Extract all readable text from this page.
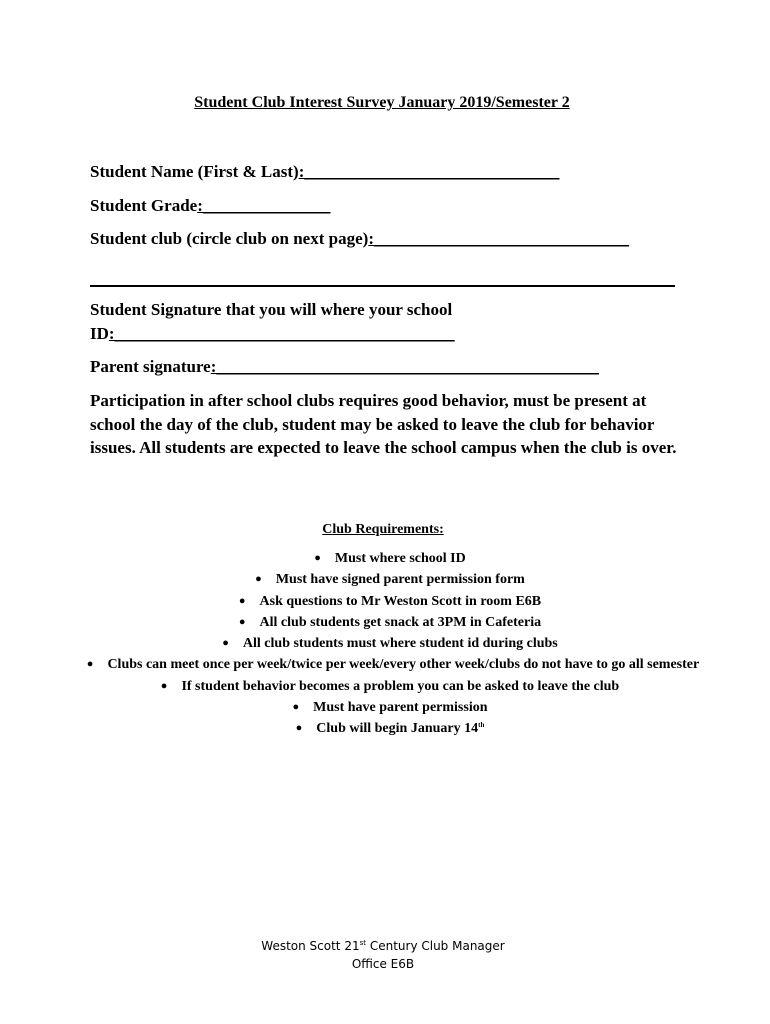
Student Club Interest Survey January 2019/Semester 2
Student Name (First & Last):______________________________
Student Grade:_______________
Student club (circle club on next page):______________________________
Student Signature that you will where your school
ID:________________________________________
Parent signature:_____________________________________________
Participation in after school clubs requires good behavior, must be present at school the day of the club, student may be asked to leave the club for behavior issues. All students are expected to leave the school campus when the club is over.
Club Requirements:
● Must where school ID
● Must have signed parent permission form
● Ask questions to Mr Weston Scott in room E6B
● All club students get snack at 3PM in Cafeteria
● All club students must where student id during clubs
● Clubs can meet once per week/twice per week/every other week/clubs do not have to go all semester
● If student behavior becomes a problem you can be asked to leave the club
● Must have parent permission
● Club will begin January 14th
Weston Scott 21st Century Club Manager
Office E6B
